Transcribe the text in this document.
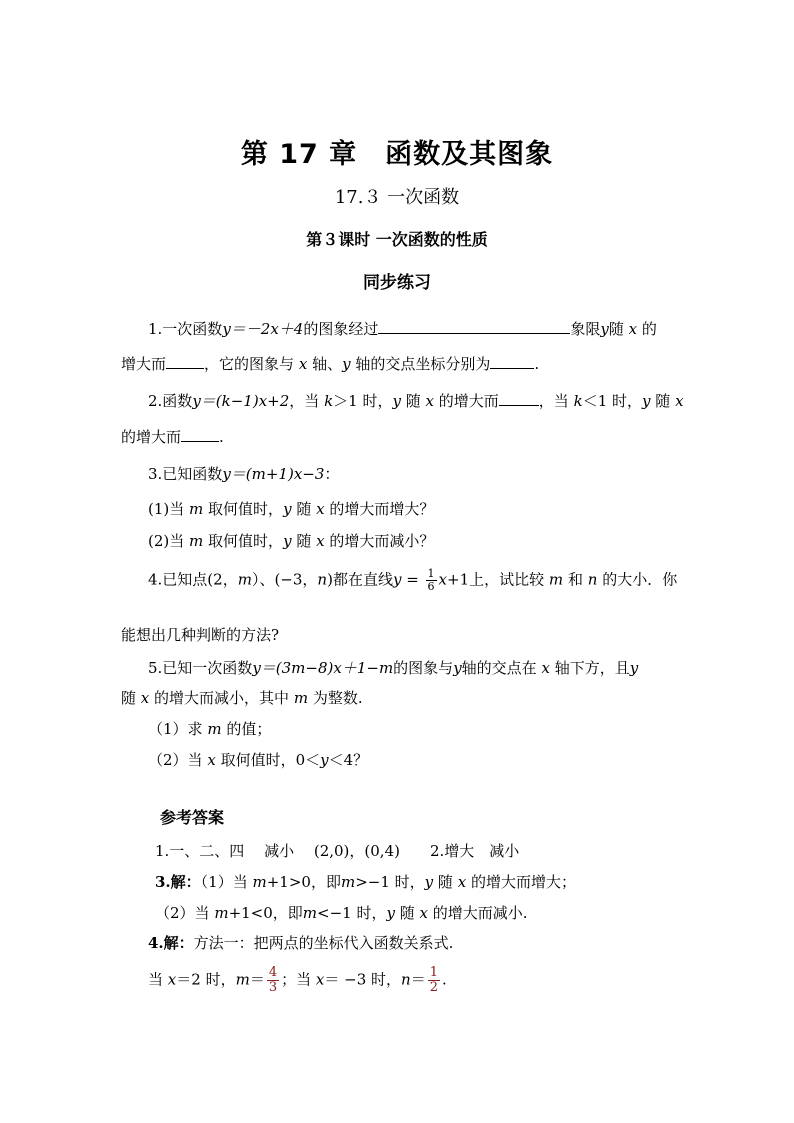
第 17 章　函数及其图象
17.３ 一次函数
第３课时 一次函数的性质
同步练习
1.一次函数y＝－2x＋4的图象经过	象限y随 x 的
增大而	，它的图象与 x 轴、y 轴的交点坐标分别为	.
2.函数y＝(k−1)x+2，当 k＞1 时，y 随 x 的增大而	，当 k＜1 时，y 随 x
的增大而	.
3.已知函数y＝(m+1)x−3：
(1)当 m 取何值时，y 随 x 的增大而增大？
(2)当 m 取何值时，y 随 x 的增大而减小？
4.已知点(2，m）、(−3，n)都在直线$y = \frac{1}{6} x+1$上，试比较 m 和 n 的大小．你
能想出几种判断的方法?
5.已知一次函数y＝(3m−8)x＋1−m的图象与y轴的交点在 x 轴下方，且y
随 x 的增大而减小，其中 m 为整数.
（1）求 m 的值；
（2）当 x 取何值时，0＜y＜4？
参考答案
1.一、二、四　 减小　 (2,0)，(0,4)　　2.增大　减小
3.解：（1）当 m+1>0，即m>−1 时，y 随 x 的增大而增大；
（2）当 m+1<0，即m<−1 时，y 随 x 的增大而减小.
4.解：方法一：把两点的坐标代入函数关系式.
当 x＝2 时，$m= \frac{4}{3}$ ；当 x＝ −3 时，$n= \frac{1}{2}$ .
